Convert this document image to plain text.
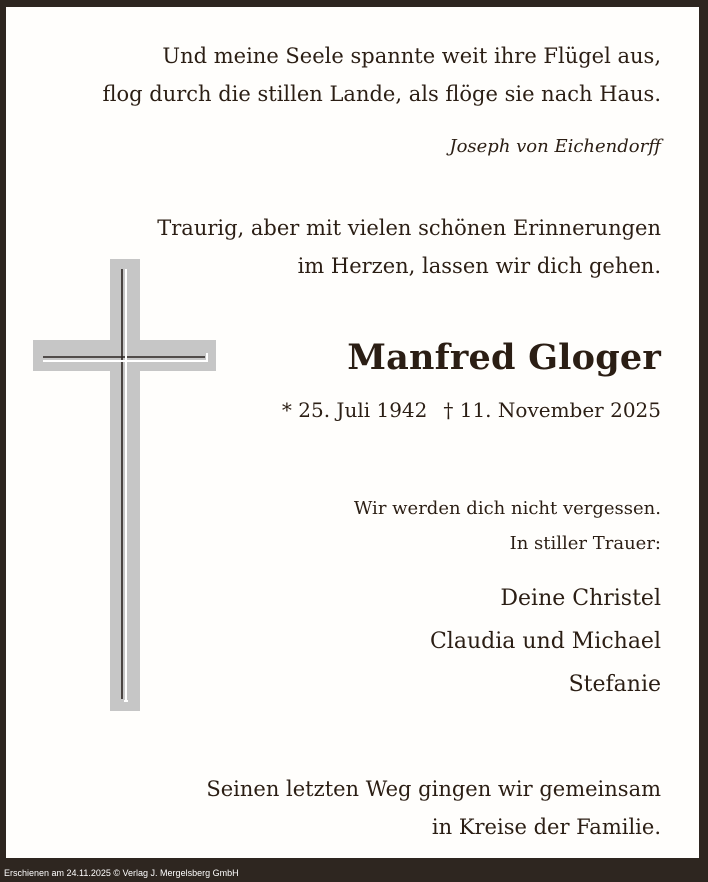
Und meine Seele spannte weit ihre Flügel aus,
flog durch die stillen Lande, als flöge sie nach Haus.
Joseph von Eichendorff
Traurig, aber mit vielen schönen Erinnerungen
im Herzen, lassen wir dich gehen.
Manfred Gloger
* 25. Juli 1942 † 11. November 2025
Wir werden dich nicht vergessen.
In stiller Trauer:
Deine Christel
Claudia und Michael
Stefanie
Seinen letzten Weg gingen wir gemeinsam
in Kreise der Familie.
Erschienen am 24.11.2025 © Verlag J. Mergelsberg GmbH
